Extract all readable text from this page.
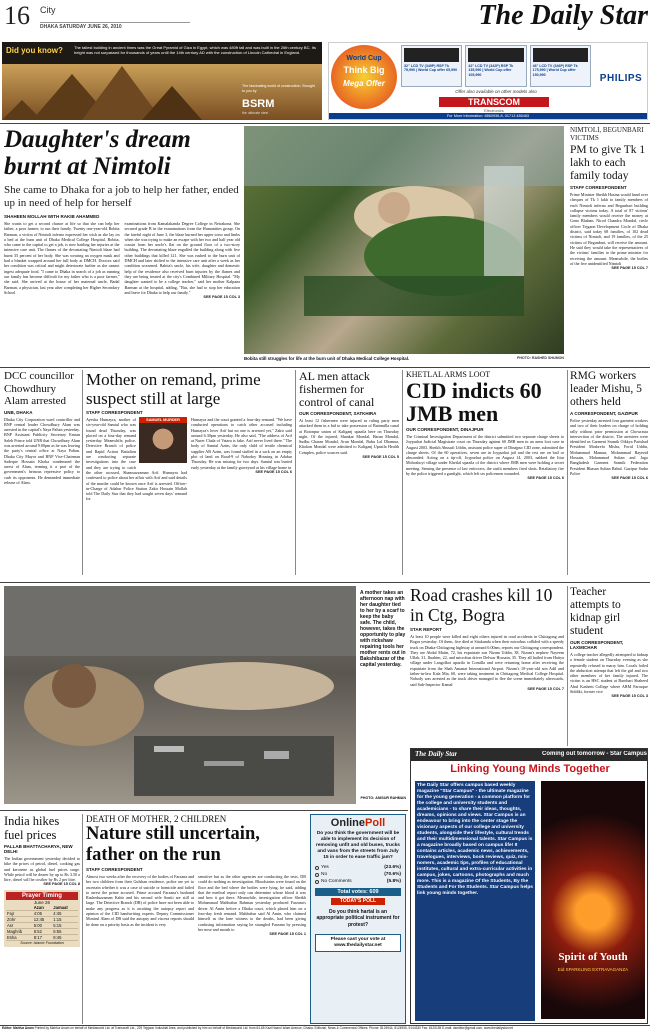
16 City
DHAKA SATURDAY JUNE 26, 2010	The Daily Star
Did you know?	The tallest building in ancient times was the Great Pyramid of Giza in Egypt, which was 480ft tall and was built in the 26th century BC. Its height was not surpassed for thousands of years until the 14th century AD with the construction of Lincoln Cathedral in England.
The fascinating world of construction. Brought to you by
BSRM
the ultimate steel
World Cup
Think Big
Mega Offer
32" LCD TV (349P) RSP Tk 75,990 | World Cup offer 65,990
42" LCD TV (342P) RSP Tk 135,990 | World Cup offer 105,990
46" LCD TV (346P) RSP Tk 175,990 | World Cup offer 150,990
Offer also available on other models also
TRANSCOM
Electronics
PHILIPS
For More Information: 8860936-8, 01713 486463
Daughter's dream burnt at Nimtoli
She came to Dhaka for a job to help her father, ended up in need of help for herself
SHAHEEN MOLLAH WITH RAKIB AHAMMED
She wants to get a second chance at life so that she can help her father, a poor farmer, to run their family. Twenty one-year-old Bobita Barman, a victim of Nimtoli inferno expressed her wish as she lay on a bed at the burn unit of Dhaka Medical College Hospital. Bobita, who came to the capital to get a job, is now battling her injuries at the intensive care unit. The flames of the devastating Nimtoli blaze had burnt 35 percent of her body. She was wearing an oxygen mask and had a blanket wrapped around her full body at DMCH. Doctors said her condition was critical and might deteriorate further as she cannot ingest adequate food. "I came to Dhaka in search of a job as running our family has become difficult for my father who is a poor farmer," she said. She arrived at the house of her maternal uncle, Badal Barman, a physician, last year after completing her Higher Secondary School
examinations from Kamalakanda Degree College in Netrakona. She secured grade B in the examinations from the Humanities group. On the fateful night of June 3, the blaze burned her upper torso and limbs when she was trying to make an escape with her two and half year old cousin from her uncle's flat on the ground floor of a two-story building. The devastating blaze engulfed the building along with five other buildings that killed 121. She was rushed to the burn unit of DMCH and later shifted to the intensive care unit after a week as her condition worsened. Babita's uncle, his wife, daughter and domestic help of the residence also received burn injuries by the flames and they are being treated at the city's Combined Military Hospital. "My daughter wanted to be a college teacher," said her mother Kalpana Barman at the hospital, adding, "But, she had to stop her education and leave for Dhaka to help our family."
SEE PAGE 15 COL 3
Bobita still struggles for life at the burn unit of Dhaka Medical College Hospital.	PHOTO: RASHED SHUMON
NIMTOLI, BEGUNBARI VICTIMS
PM to give Tk 1 lakh to each family today
STAFF CORRESPONDENT
Prime Minister Sheikh Hasina would hand over cheques of Tk 1 lakh to family members of each Nimtoli inferno and Begunbari building collapse victims today. A total of 87 victims' family members would receive the money at Gono Bhaban. Nirod Chandra Mondal, circle officer Tejgaon Development Circle of Dhaka district, said today 68 families, of 102 dead victims of Nimtoli, and 19 families, of the 25 victims of Begunbari, will receive the amount. He said they would take the representatives of the victims' families to the prime minister for receiving the amount. Meanwhile, the bodies of the five unidentified Nimtoli
SEE PAGE 15 COL 7
DCC councillor Chowdhury Alam arrested
UNB, DHAKA
Dhaka City Corporation ward councillor and BNP central leader Chowdhury Alam was arrested in the capital's Naya Paltan yesterday. BNP Assistant Publicity Secretary Emran Saleh Prince told UNB that Chowdhury Alam was arrested around 9.00pm as he was leaving the party's central office at Naya Paltan. Dhaka City Mayor and BNP Vice-Chairman Sadeque Hossain Khoka condemned the arrest of Alam, terming it a part of the government's heinous repressive policy to curb its opponents. He demanded immediate release of Alam.
Mother on remand, prime suspect still at large
STAFF CORRESPONDENT
SAMUEL MURDER
Ayesha Humayra, mother of six-year-old Samiul who was found dead Thursday, was placed on a four-day remand yesterday. Meanwhile, police, Detective Branch of police and Rapid Action Battalion are conducting separate investigations into the case and they are trying to catch the other accused, Shamsuzzaman Arif. Humayra had confessed to police about her affair with Arif and said details of the murder could be known once Arif is arrested. Officer-in-Charge of Adabar Police Station Zakir Hossain Mollah told The Daily Star that they had sought seven days' remand for
Humayra and the court granted a four-day remand. "We have conducted operations to catch other accused including Humayra's lover Arif but no one is arrested yet," Zakir said around 6.30pm yesterday. He also said, "The address of Arif at Nurer Chala of Vatara is fake. Arif never lived there." The body of Samiul Azim, the only child of textile chemical supplier AB Azim, was found stuffed in a sack on an empty plot of land on Road-9 of Nabodoy Housing in Adabar Thursday. He was missing for two days. Samiul was buried early yesterday at the family graveyard at his village home in
SEE PAGE 15 COL 6
AL men attack fishermen for control of canal
OUR CORRESPONDENT, SATKHIRA
At least 12 fishermen were injured as ruling party men attacked them in a bid to take possession of Bainmilla canal at Botonpur union of Kaliganj upazila here on Thursday night. Of the injured, Shankar Mondal, Haran Mondal, Sudhu Charan Mondal, Arun Mondal, Babu Lal Dhamua, Khokon Mondal were admitted to Kaliganj Upazila Health Complex, police sources said.
SEE PAGE 15 COL 5
KHETLAL ARMS LOOT
CID indicts 60 JMB men
OUR CORRESPONDENT, DINAJPUR
The Criminal Investigation Department of the district submitted two separate charge sheets to Joypurhat Judicial Magistrate court on Thursday against 60 JMB men in an arms loot case in August 2003. Sheikh Abusufi Uddin, assistant police super of Dinajpur CID zone, submitted the charge sheets. Of the 60 operatives, seven are in Joypurhat jail and the rest are on bail or absconded. Acting on a tip-off, Joypurhat police on August 14, 2003, nabbed the Ittar Mohoshoyi village under Khetlal upazila of the district where JMB men were holding a secret meeting. Sensing the presence of law enforcers, the outfit members fired shots. Retaliatory fire by the police triggered a gunfight, which left six policemen wounded.
SEE PAGE 15 COL 6
RMG workers leader Mishu, 5 others held
A CORRESPONDENT, GAZIPUR
Police yesterday arrested four garment workers and two of their leaders on charge of holding rally without prior permission at Chowrasta intersection of the district. The arrestees were identified as Garment Sramik Oikkya Parishad President Moshrefa Mishu, Forid Uddin, Mohammad Mamun, Mohammad Bayezid Hossain, Mohammad Sultan and Jago Bangladesh Garment Sramik Federation President Bhasan Sultan Babul. Gazipur Sadar Police
SEE PAGE 15 COL 6
A mother takes an afternoon nap with her daughter tied to her by a scarf to keep the baby safe. The child, however, takes the opportunity to play with rickshaw repairing tools her mother rents out in Bakshibazar of the capital yesterday.
PHOTO: ANISUR RAHMAN
Road crashes kill 10 in Ctg, Bogra
STAR REPORT
At least 10 people were killed and eight others injured in road accidents in Chittagong and Bogra yesterday. Of them, five died at Sitakunda when their microbus collided with a speedy truck on Dhaka-Chittagong highway at around 6.00am, reports our Chittagong correspondent. They are Abdul Matin, 72, his expatriate son Nizam Uddin, 38, Nizam's nephew Nayeem Ullah, 31, Ibrahim, 22, and microbus driver Delwar Hossain, 35. They all hailed from Hatiya village under Langolkot upazila in Comilla and were returning home after receiving the expatriate from the Shah Amanat International Airport. Nizam's 10-year-old son Adil and father-in-law Kala Mia, 60, were taking treatment in Chittagong Medical College Hospital. Nobody was arrested as the truck driver managed to flee the scene immediately afterwards, said Sub-Inspector Kamal
SEE PAGE 15 COL 7
Teacher attempts to kidnap girl student
OUR CORRESPONDENT, LAXMICHAR
A college teacher allegedly attempted to kidnap a female student on Thursday evening as she repeatedly refused to marry him. Locals foiled the abduction attempt that left the girl and two other members of her family injured. The victim is an HSC student at Barobari Shaheed Abul Kashem College where ARM Farruque Siddiki, former vice
SEE PAGE 15 COL 3
The Daily Star	Coming out tomorrow - Star Campus
Linking Young Minds Together
The Daily Star offers campus based weekly magazine "Star Campus" - the ultimate magazine for the young generation - a common platform for the college and university students and academicians - to share their ideas, thoughts, dreams, opinions and views. Star Campus is an endeavour to bring into the center stage the visionary aspects of our college and university students, alongside their lifestyle, cultural trends and their multidimensional talents. Star Campus is a magazine broadly based on campus life! It contains articles, academic news, achievements, travelogues, interviews, book reviews, quiz, mis-nomers, academic tips, profiles of educational institutes, cultural and extra-curricular activities in campus, jokes, cartoons, photographs and much more. This is a magazine Of the Students, By the Students and For the Students. Star Campus helps link young minds together.
Spirit of Youth
Eid SPARKLING EXTRAVAGANZA
India hikes fuel prices
PALLAB BHATTACHARYA, NEW DELHI
The Indian government yesterday decided to hike the prices of petrol, diesel, cooking gas and kerosene as global fuel prices surge. While petrol will be dearer by up to Rs 3.50 a litre, diesel will be costlier by Rs 2 per litre.
SEE PAGE 15 COL 8
Prayer Timing
June 26
	Azan	Jamaat
Fajr	4:05	4:45
Zohr	12:45	1:15
Asr	5:00	5:15
Maghrib	6:52	6:55
Esha	8:17	8:45
Source: Islamic Foundation
DEATH OF MOTHER, 2 CHILDREN
Nature still uncertain, father on the run
STAFF CORRESPONDENT
Almost two weeks after the recovery of the bodies of Farzana and her two children from their Gulshan residence, police are yet to ascertain whether it was a case of suicide or homicide and failed to arrest the prime accused. Prime accused Farzana's husband Rasheduzzaman Kabir and his second wife Soniti are still at large. The Detective Branch (DB) of police have not been able to make any progress as it is awaiting the autopsy report and opinion of the CID handwriting experts. Deputy Commissioner Monirul Alam of DB said the autopsy and viscera reports should be done on a priority basis as the incident is very
sensitive but as the other agencies are conducting the tests, DB could do nothing as investigation. Bloodstains were found on the floor and the bed where the bodies were lying, he said, adding that the medical report only can determine whose blood it was and how it got there. Meanwhile, investigation officer Sheikh Mohammad Mahbubur Rahman yesterday produced Farzana's driver Al Amin before a Dhaka court, which placed him on a four-day fresh remand. Mahbubur said Al Amin, who claimed himself as the lone witness to the deaths, had been giving confusing information saying he strangled Farzana by pressing her nose and mouth to
SEE PAGE 15 COL 1
OnlinePoll
Do you think the government will be able to implement its decision of removing unfit and old buses, trucks and vans from the streets from July 15 in order to ease traffic jam?
Yes	(23.6%)
No	(70.6%)
No Comments	(5.8%)
Total votes: 609
TODAY'S POLL
Do you think hartal is an appropriate political instrument for protest?
Please cast your vote at www.thedailystar.net
Editor: Mahfuz Anam Printed by Mahfuz Anam on behalf of Mediaworld Ltd. at Transcraft Ltd., 229 Tejgaon Industrial Area, and published by him on behalf of Mediaworld Ltd. from 64-65 Kazi Nazrul Islam Avenue, Dhaka. Editorial, News & Commercial Offices: Phone: 8124944, 8124955, 9144330 Fax: 8125155 E-mail: dseditor@gmail.com, www.thedailystar.net
